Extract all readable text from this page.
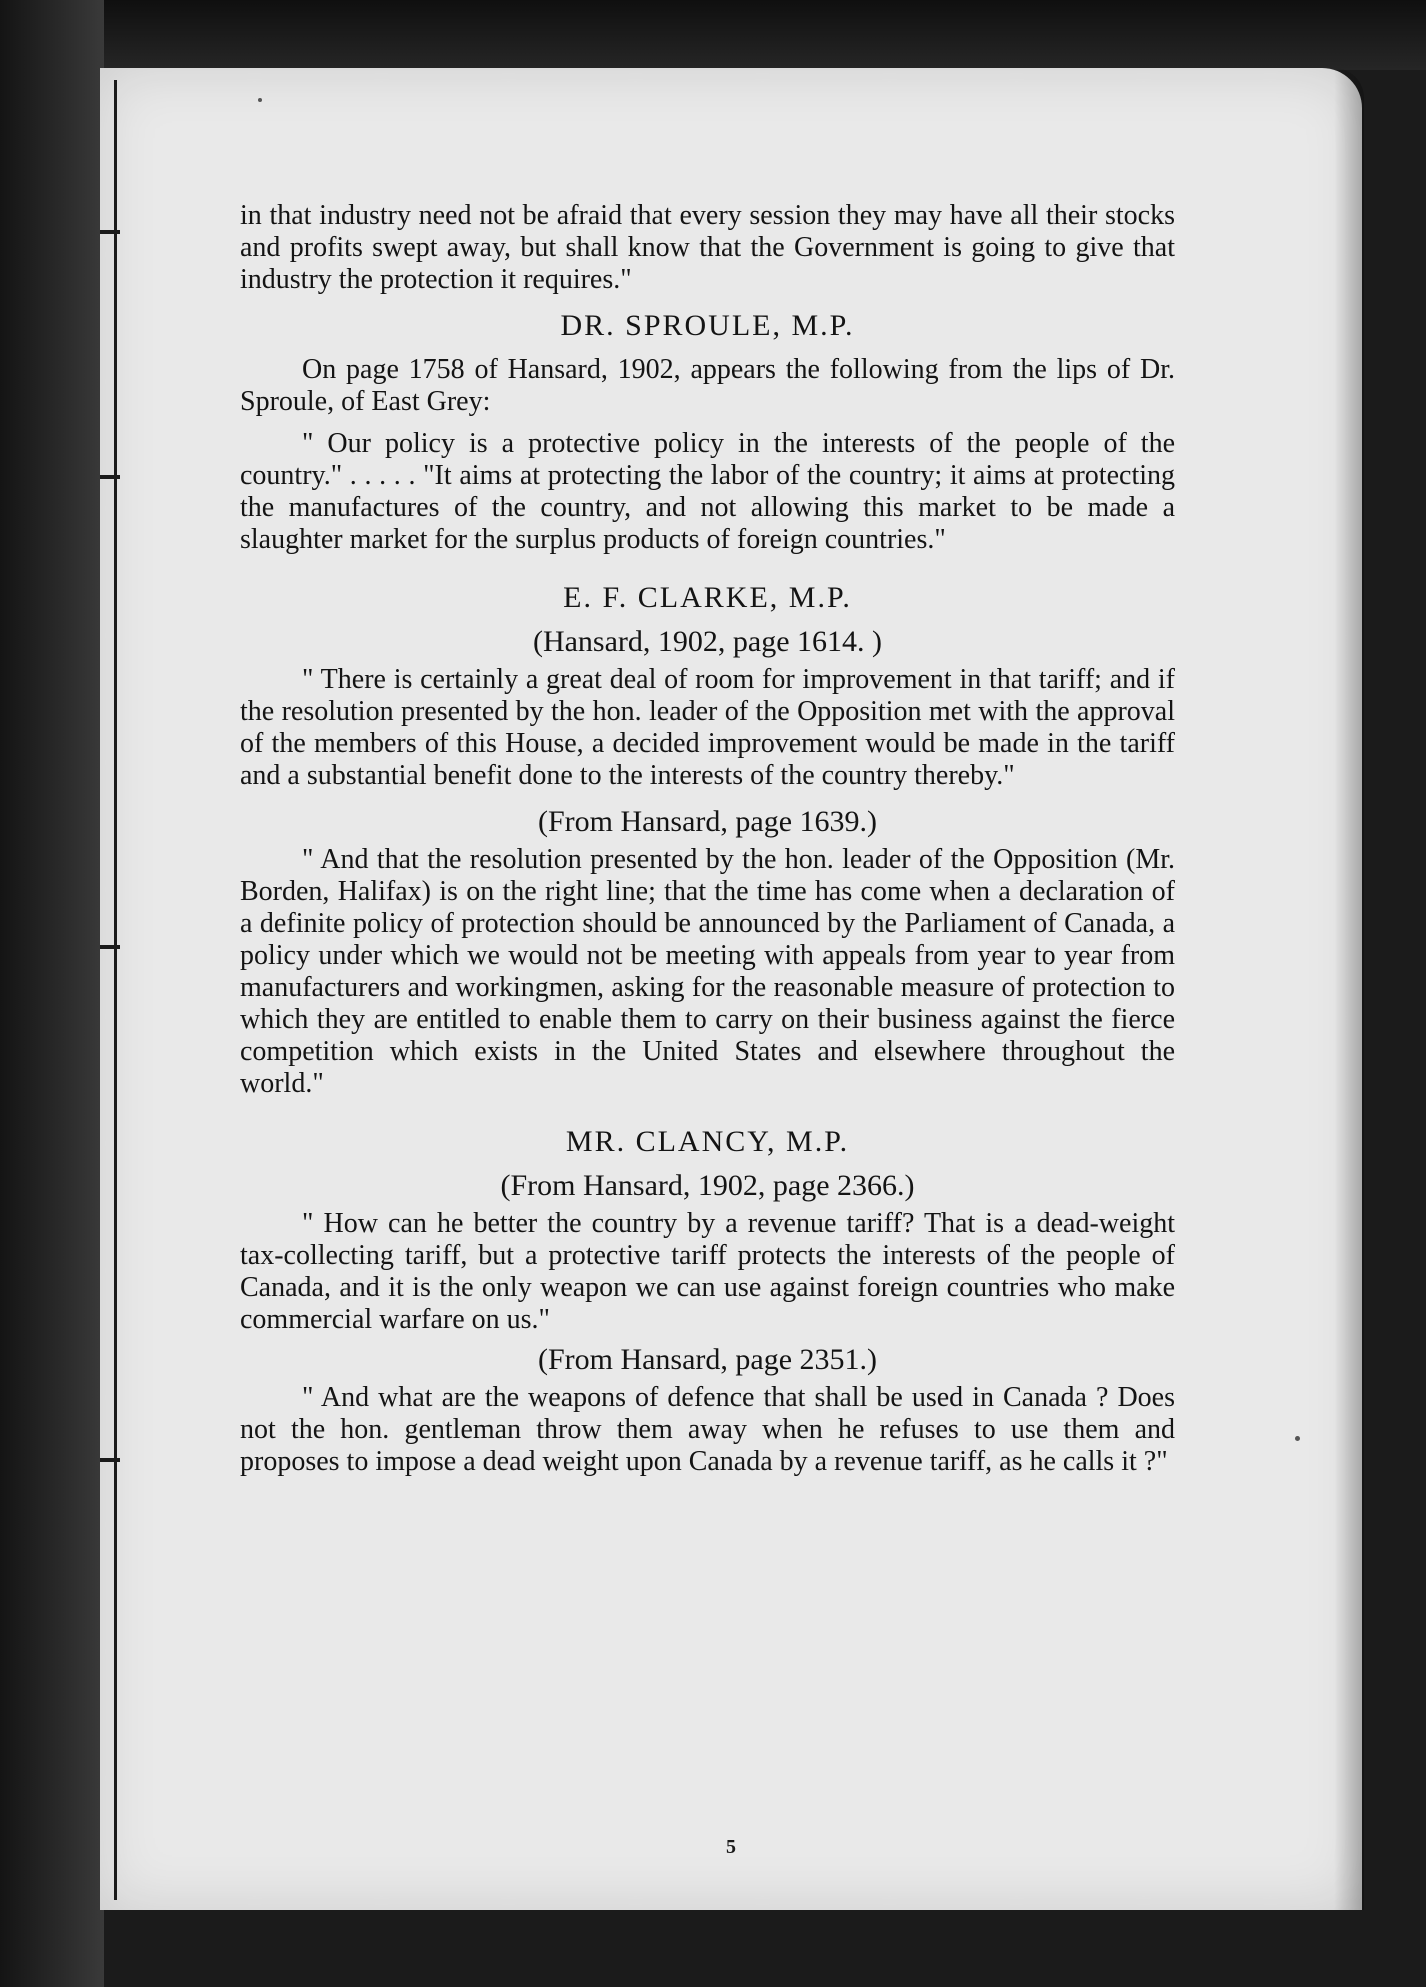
in that industry need not be afraid that every session they may have all their stocks and profits swept away, but shall know that the Government is going to give that industry the protection it requires."

DR. SPROULE, M.P.

On page 1758 of Hansard, 1902, appears the following from the lips of Dr. Sproule, of East Grey:

" Our policy is a protective policy in the interests of the people of the country." . . . . . "It aims at protecting the labor of the country; it aims at protecting the manufactures of the country, and not allowing this market to be made a slaughter market for the surplus products of foreign countries."

E. F. CLARKE, M.P.
(Hansard, 1902, page 1614. )

" There is certainly a great deal of room for improvement in that tariff; and if the resolution presented by the hon. leader of the Opposition met with the approval of the members of this House, a decided improvement would be made in the tariff and a substantial benefit done to the interests of the country thereby."

(From Hansard, page 1639.)

" And that the resolution presented by the hon. leader of the Opposition (Mr. Borden, Halifax) is on the right line; that the time has come when a declaration of a definite policy of protection should be announced by the Parliament of Canada, a policy under which we would not be meeting with appeals from year to year from manufacturers and workingmen, asking for the reasonable measure of protection to which they are entitled to enable them to carry on their business against the fierce competition which exists in the United States and elsewhere throughout the world."

MR. CLANCY, M.P.
(From Hansard, 1902, page 2366.)

" How can he better the country by a revenue tariff? That is a dead-weight tax-collecting tariff, but a protective tariff protects the interests of the people of Canada, and it is the only weapon we can use against foreign countries who make commercial warfare on us."

(From Hansard, page 2351.)

" And what are the weapons of defence that shall be used in Canada ? Does not the hon. gentleman throw them away when he refuses to use them and proposes to impose a dead weight upon Canada by a revenue tariff, as he calls it ?"

5
